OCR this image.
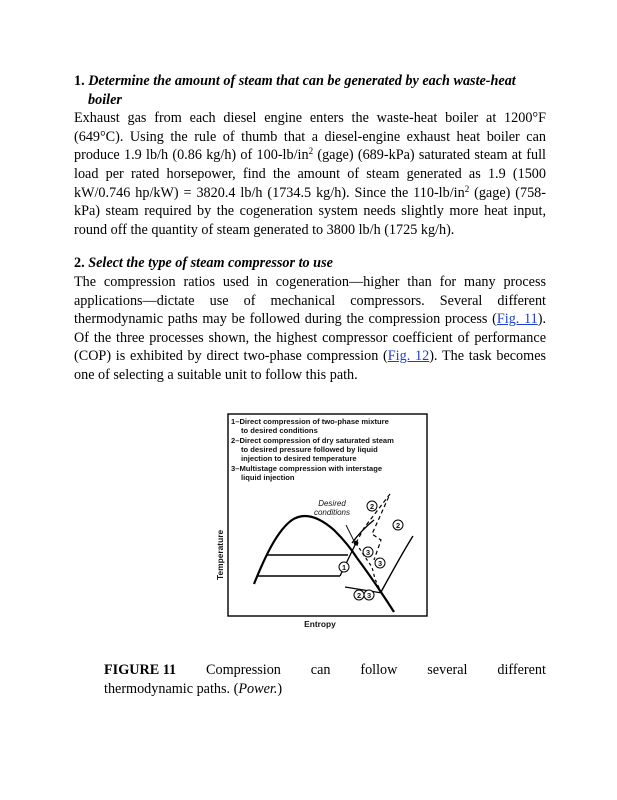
1. Determine the amount of steam that can be generated by each waste-heat boiler

Exhaust gas from each diesel engine enters the waste-heat boiler at 1200°F (649°C). Using the rule of thumb that a diesel-engine exhaust heat boiler can produce 1.9 lb/h (0.86 kg/h) of $100-lb/in^2$ (gage) (689-kPa) saturated steam at full load per rated horsepower, find the amount of steam generated as 1.9 (1500 kW/0.746 hp/kW) = 3820.4 lb/h (1734.5 kg/h). Since the $110-lb/in^2$ (gage) (758-kPa) steam required by the cogeneration system needs slightly more heat input, round off the quantity of steam generated to 3800 lb/h (1725 kg/h).

2. Select the type of steam compressor to use

The compression ratios used in cogeneration—higher than for many process applications—dictate use of mechanical compressors. Several different thermodynamic paths may be followed during the compression process (Fig. 11). Of the three processes shown, the highest compressor coefficient of performance (COP) is exhibited by direct two-phase compression (Fig. 12). The task becomes one of selecting a suitable unit to follow this path.

1–Direct compression of two-phase mixture
to desired conditions
2–Direct compression of dry saturated steam
to desired pressure followed by liquid
injection to desired temperature
3–Multistage compression with interstage
liquid injection
Desired
conditions
2
2
3
3
1
2 3
Temperature
Entropy
FIGURE 11 Compression can follow several different
thermodynamic paths. (Power.)
